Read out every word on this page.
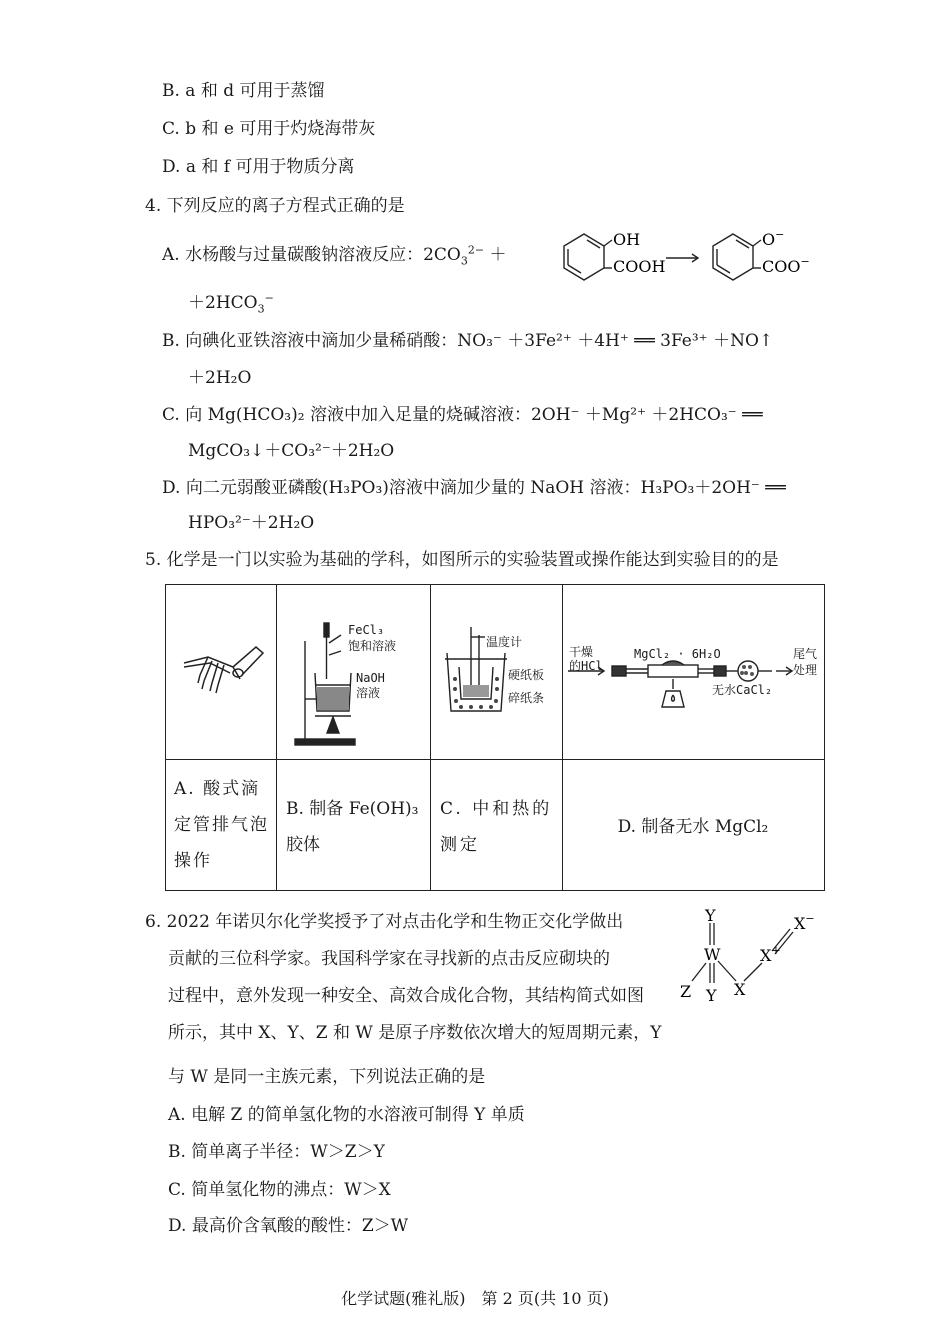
B. a 和 d 可用于蒸馏
C. b 和 e 可用于灼烧海带灰
D. a 和 f 可用于物质分离
4. 下列反应的离子方程式正确的是
A. 水杨酸与过量碳酸钠溶液反应：$2CO_3^{2-}$ ＋
OH
COOH
O−
COO−
$+2HCO_3^-$
B. 向碘化亚铁溶液中滴加少量稀硝酸：NO₃⁻ ＋3Fe²⁺ ＋4H⁺ ══ 3Fe³⁺ ＋NO↑
＋2H₂O
C. 向 Mg(HCO₃)₂ 溶液中加入足量的烧碱溶液：2OH⁻ ＋Mg²⁺ ＋2HCO₃⁻ ══
MgCO₃↓＋CO₃²⁻＋2H₂O
D. 向二元弱酸亚磷酸(H₃PO₃)溶液中滴加少量的 NaOH 溶液：H₃PO₃＋2OH⁻ ══
HPO₃²⁻＋2H₂O
5. 化学是一门以实验为基础的学科，如图所示的实验装置或操作能达到实验目的的是
FeCl₃
饱和溶液
NaOH
溶液
温度计
硬纸板
碎纸条
干燥
的HCl
MgCl₂ · 6H₂O
无水CaCl₂
尾气
处理
A. 酸式滴
定管排气泡
操作
B. 制备 Fe(OH)₃
胶体
C. 中和热的
测定
D. 制备无水 MgCl₂
6. 2022 年诺贝尔化学奖授予了对点击化学和生物正交化学做出
贡献的三位科学家。我国科学家在寻找新的点击反应砌块的
过程中，意外发现一种安全、高效合成化合物，其结构简式如图
所示，其中 X、Y、Z 和 W 是原子序数依次增大的短周期元素，Y
与 W 是同一主族元素，下列说法正确的是
A. 电解 Z 的简单氢化物的水溶液可制得 Y 单质
B. 简单离子半径：W＞Z＞Y
C. 简单氢化物的沸点：W＞X
D. 最高价含氧酸的酸性：Z＞W
Y
W
Z Y X
X+
X−
化学试题(雅礼版)　第 2 页(共 10 页)
